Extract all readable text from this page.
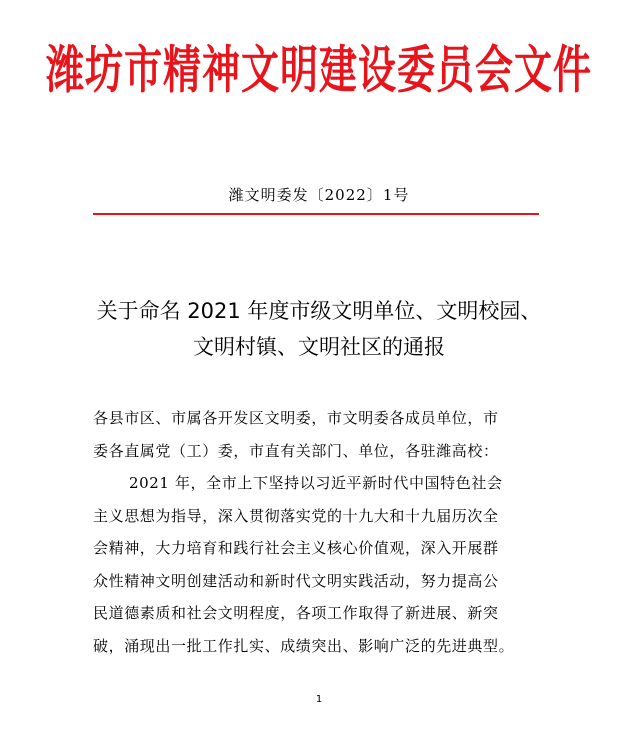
潍坊市精神文明建设委员会文件
潍文明委发〔2022〕1号
关于命名 2021 年度市级文明单位、文明校园、
文明村镇、文明社区的通报
各县市区、市属各开发区文明委，市文明委各成员单位，市
委各直属党（工）委，市直有关部门、单位，各驻潍高校：
2021 年，全市上下坚持以习近平新时代中国特色社会
主义思想为指导，深入贯彻落实党的十九大和十九届历次全
会精神，大力培育和践行社会主义核心价值观，深入开展群
众性精神文明创建活动和新时代文明实践活动，努力提高公
民道德素质和社会文明程度，各项工作取得了新进展、新突
破，涌现出一批工作扎实、成绩突出、影响广泛的先进典型。
1
